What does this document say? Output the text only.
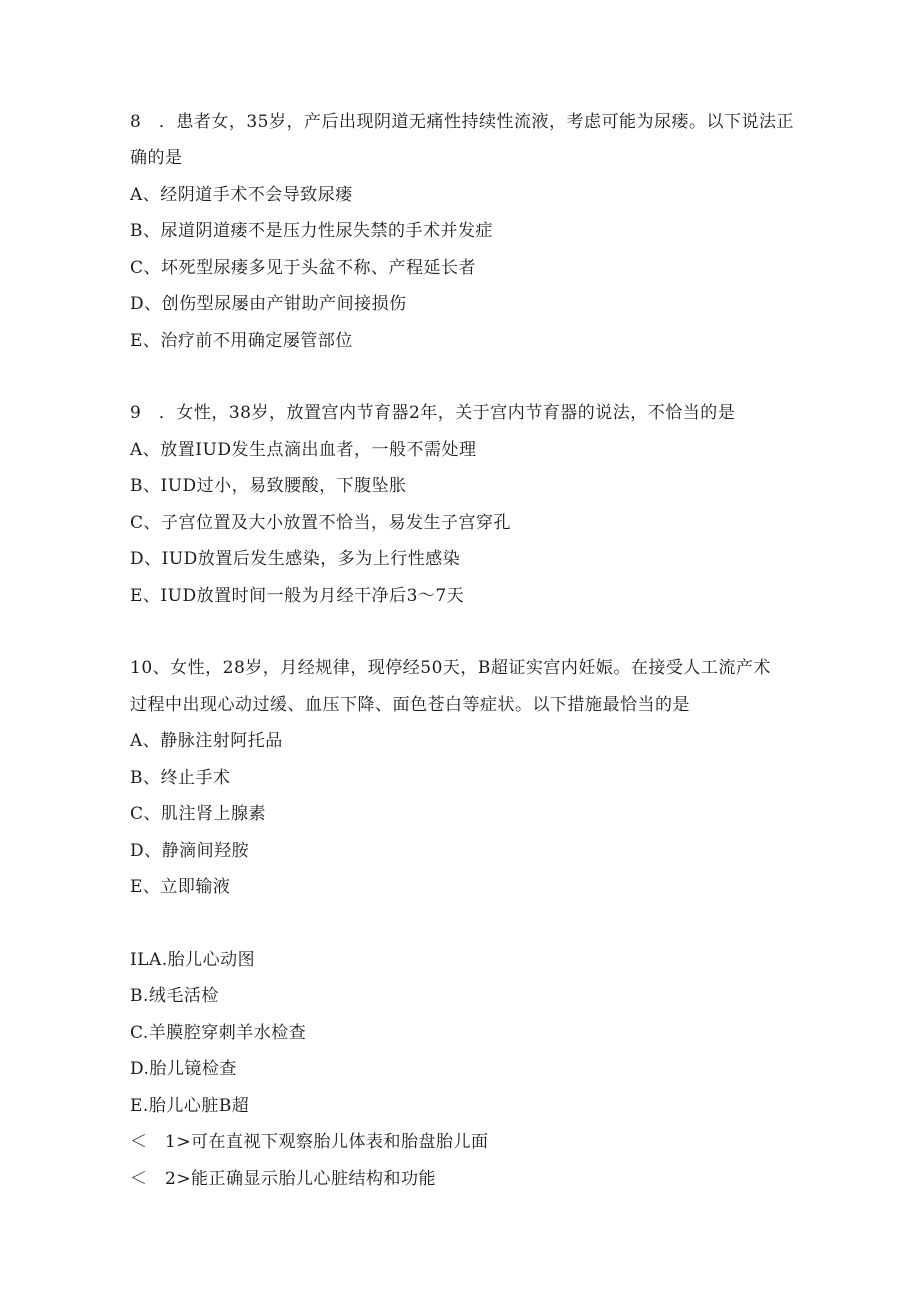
8　．患者女，35岁，产后出现阴道无痛性持续性流液，考虑可能为尿瘘。以下说法正
确的是
A、经阴道手术不会导致尿瘘
B、尿道阴道瘘不是压力性尿失禁的手术并发症
C、坏死型尿瘘多见于头盆不称、产程延长者
D、创伤型尿屡由产钳助产间接损伤
E、治疗前不用确定屡管部位
9　．女性，38岁，放置宫内节育器2年，关于宫内节育器的说法，不恰当的是
A、放置IUD发生点滴出血者，一般不需处理
B、IUD过小，易致腰酸，下腹坠胀
C、子宫位置及大小放置不恰当，易发生子宫穿孔
D、IUD放置后发生感染，多为上行性感染
E、IUD放置时间一般为月经干净后3～7天
10、女性，28岁，月经规律，现停经50天，B超证实宫内妊娠。在接受人工流产术
过程中出现心动过缓、血压下降、面色苍白等症状。以下措施最恰当的是
A、静脉注射阿托品
B、终止手术
C、肌注肾上腺素
D、静滴间羟胺
E、立即输液
ILA.胎儿心动图
B.绒毛活检
C.羊膜腔穿刺羊水检查
D.胎儿镜检查
E.胎儿心脏B超
＜　1>可在直视下观察胎儿体表和胎盘胎儿面
＜　2>能正确显示胎儿心脏结构和功能
